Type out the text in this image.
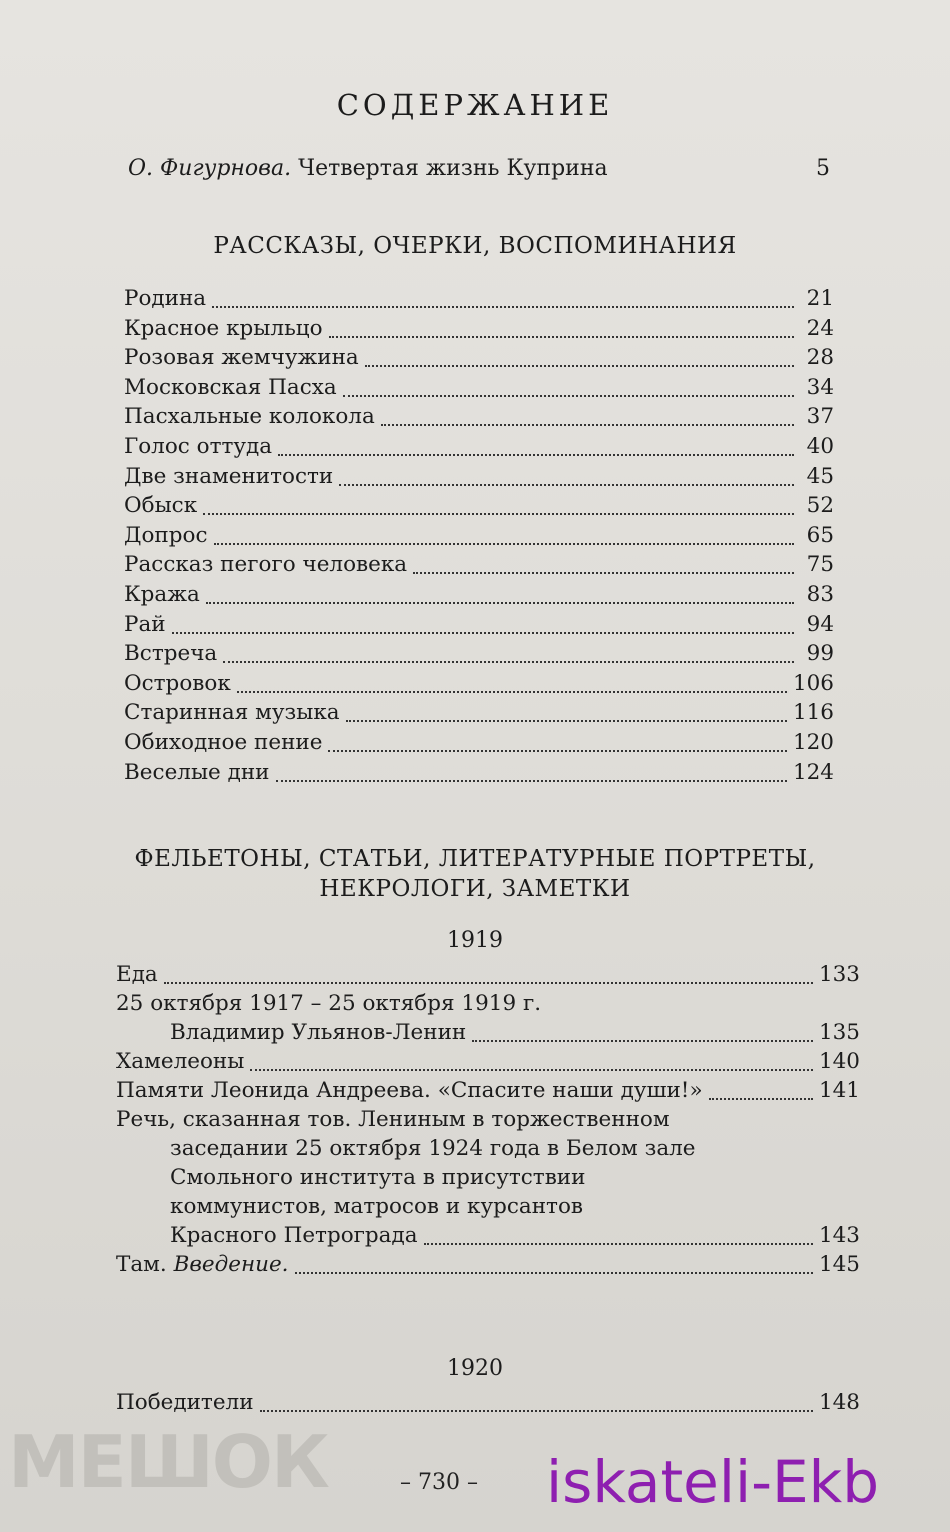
СОДЕРЖАНИЕ
О. Фигурнова. Четвертая жизнь Куприна	5
РАССКАЗЫ, ОЧЕРКИ, ВОСПОМИНАНИЯ
Родина	21
Красное крыльцо	24
Розовая жемчужина	28
Московская Пасха	34
Пасхальные колокола	37
Голос оттуда	40
Две знаменитости	45
Обыск	52
Допрос	65
Рассказ пегого человека	75
Кража	83
Рай	94
Встреча	99
Островок	106
Старинная музыка	116
Обиходное пение	120
Веселые дни	124
ФЕЛЬЕТОНЫ, СТАТЬИ, ЛИТЕРАТУРНЫЕ ПОРТРЕТЫ,
НЕКРОЛОГИ, ЗАМЕТКИ
1919
Еда	133
25 октября 1917 – 25 октября 1919 г.
Владимир Ульянов-Ленин	135
Хамелеоны	140
Памяти Леонида Андреева. «Спасите наши души!»	141
Речь, сказанная тов. Лениным в торжественном
заседании 25 октября 1924 года в Белом зале
Смольного института в присутствии
коммунистов, матросов и курсантов
Красного Петрограда	143
Там. Введение.	145
1920
Победители	148
– 730 –
МЕШОК	iskateli-Ekb
